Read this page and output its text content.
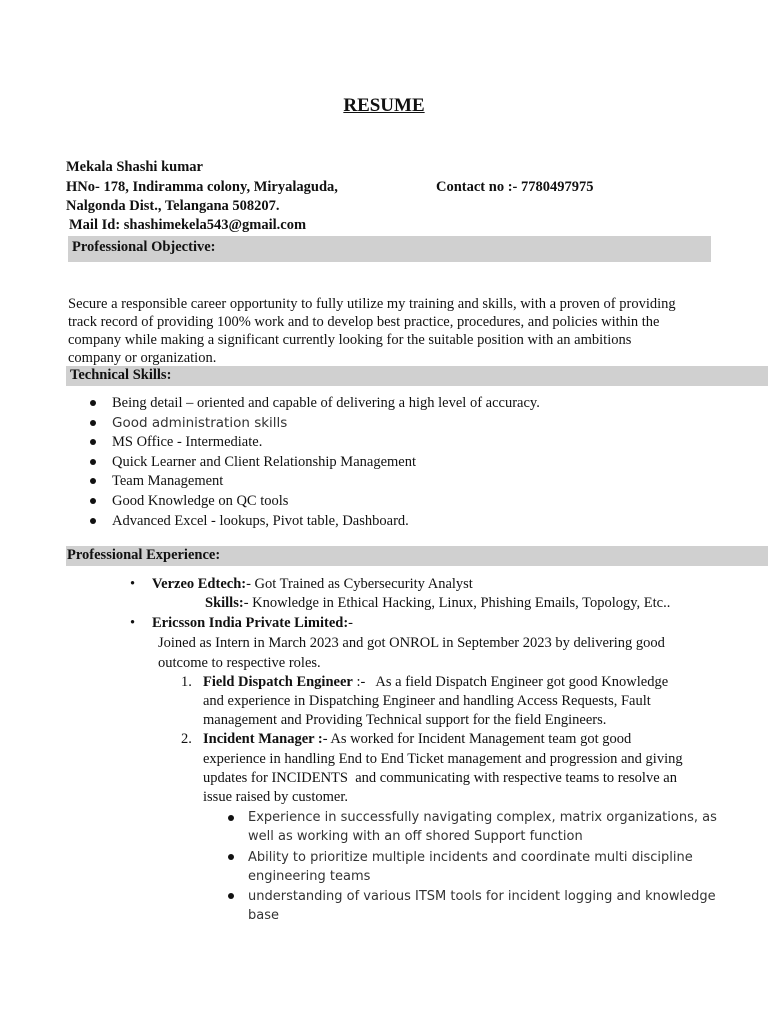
RESUME
Mekala Shashi kumar
HNo- 178, Indiramma colony, Miryalaguda,	Contact no :- 7780497975
Nalgonda Dist., Telangana 508207.
Mail Id: shashimekela543@gmail.com
Professional Objective:
Secure a responsible career opportunity to fully utilize my training and skills, with a proven of providing
track record of providing 100% work and to develop best practice, procedures, and policies within the
company while making a significant currently looking for the suitable position with an ambitions
company or organization.
Technical Skills:
Being detail – oriented and capable of delivering a high level of accuracy.
Good administration skills
MS Office - Intermediate.
Quick Learner and Client Relationship Management
Team Management
Good Knowledge on QC tools
Advanced Excel - lookups, Pivot table, Dashboard.
Professional Experience:
• Verzeo Edtech:- Got Trained as Cybersecurity Analyst
Skills:- Knowledge in Ethical Hacking, Linux, Phishing Emails, Topology, Etc..
• Ericsson India Private Limited:-
Joined as Intern in March 2023 and got ONROL in September 2023 by delivering good
outcome to respective roles.
1. Field Dispatch Engineer :-   As a field Dispatch Engineer got good Knowledge
and experience in Dispatching Engineer and handling Access Requests, Fault
management and Providing Technical support for the field Engineers.
2. Incident Manager :- As worked for Incident Management team got good
experience in handling End to End Ticket management and progression and giving
updates for INCIDENTS  and communicating with respective teams to resolve an
issue raised by customer.
Experience in successfully navigating complex, matrix organizations, as
well as working with an off shored Support function
Ability to prioritize multiple incidents and coordinate multi discipline
engineering teams
understanding of various ITSM tools for incident logging and knowledge
base
